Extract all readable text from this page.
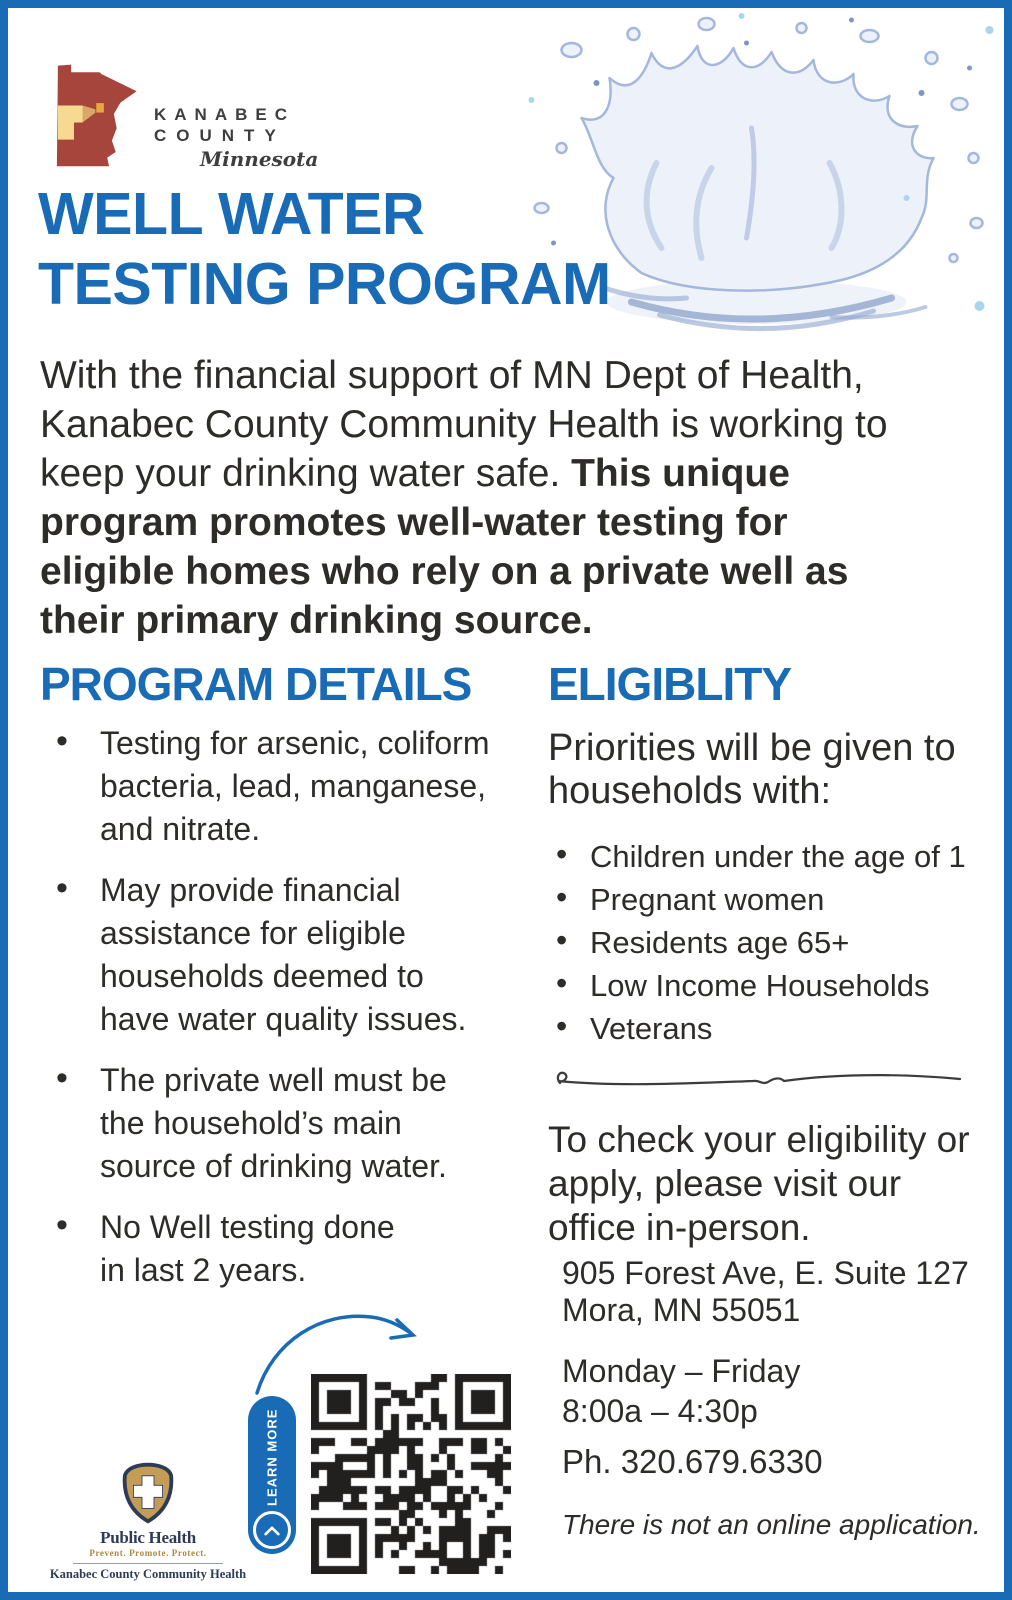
KANABEC
COUNTY
Minnesota
WELL WATER
TESTING PROGRAM

With the financial support of MN Dept of Health, Kanabec County Community Health is working to keep your drinking water safe. This unique program promotes well-water testing for eligible homes who rely on a private well as their primary drinking source.

PROGRAM DETAILS
• Testing for arsenic, coliform bacteria, lead, manganese, and nitrate.
• May provide financial assistance for eligible households deemed to have water quality issues.
• The private well must be the household’s main source of drinking water.
• No Well testing done in last 2 years.
ELIGIBLITY

Priorities will be given to households with:

• Children under the age of 1
• Pregnant women
• Residents age 65+
• Low Income Households
• Veterans

To check your eligibility or apply, please visit our office in-person.

905 Forest Ave, E. Suite 127
Mora, MN 55051

Monday – Friday
8:00a – 4:30p

Ph. 320.679.6330

There is not an online application.

Public Health
Prevent. Promote. Protect.
Kanabec County Community Health
LEARN MORE
